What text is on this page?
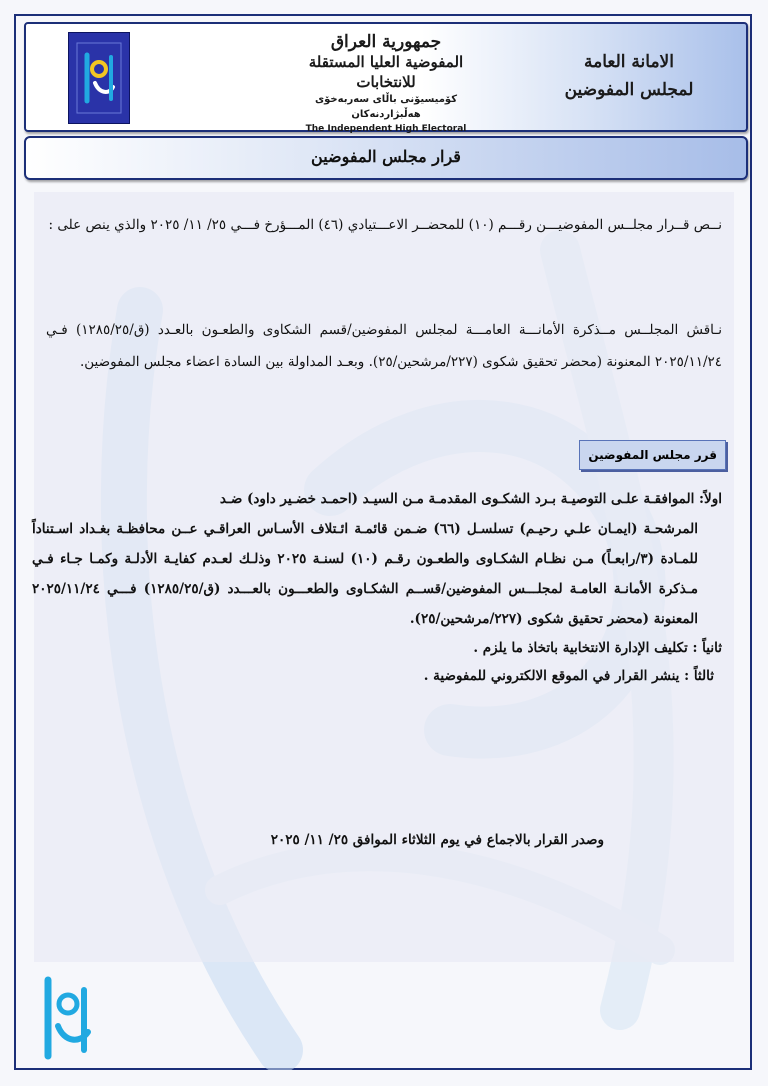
جمهورية العراق
المفوضية العليا المستقلة للانتخابات
كۆمیسیۆنی باڵای سەربەخۆی هەڵبژاردنەكان
The Independent High Electoral
الامانة العامة
لمجلس المفوضين
قرار مجلس المفوضين
نــص قــرار مجلــس المفوضيـــن رقـــم (١٠) للمحضــر الاعـــتيادي (٤٦) المـــؤرخ فـــي ٢٥/ ١١/ ٢٠٢٥ والذي ينص على :
نـاقش المجلــس مــذكرة الأمانـــة العامـــة لمجلس المفوضين/قسم الشكاوى والطعـون بالعـدد (ق/١٢٨٥/٢٥) فـي ٢٠٢٥/١١/٢٤ المعنونة (محضر تحقيق شكوى (٢٢٧/مرشحين/٢٥). وبعـد المداولة بين السادة اعضاء مجلس المفوضين.
قرر مجلس المفوضين
اولاً: الموافقـة علـى التوصيـة بـرد الشكـوى المقدمـة مـن السيـد (احمـد خضـير داود) ضـد
المرشحـة (ايمـان علـي رحيـم) تسلسـل (٦٦) ضـمن قائمـة ائـتلاف الأسـاس العراقـي عــن محافظـة بغـداد اسـتناداً للمـادة (٣/رابعـاً) مـن نظـام الشكـاوى والطعـون رقـم (١٠) لسنـة ٢٠٢٥ وذلـك لعـدم كفايـة الأدلـة وكمـا جـاء فـي مـذكرة الأمانـة العامـة لمجلـــس المفوضين/قســم الشكـاوى والطعـــون بالعـــدد (ق/١٢٨٥/٢٥) فـــي ٢٠٢٥/١١/٢٤ المعنونة (محضر تحقيق شكوى (٢٢٧/مرشحين/٢٥).
ثانياً : تكليف الإدارة الانتخابية باتخاذ ما يلزم .
ثالثاً : ينشر القرار في الموقع الالكتروني للمفوضية .
وصدر القرار بالاجماع في يوم الثلاثاء الموافق ٢٥/ ١١/ ٢٠٢٥
